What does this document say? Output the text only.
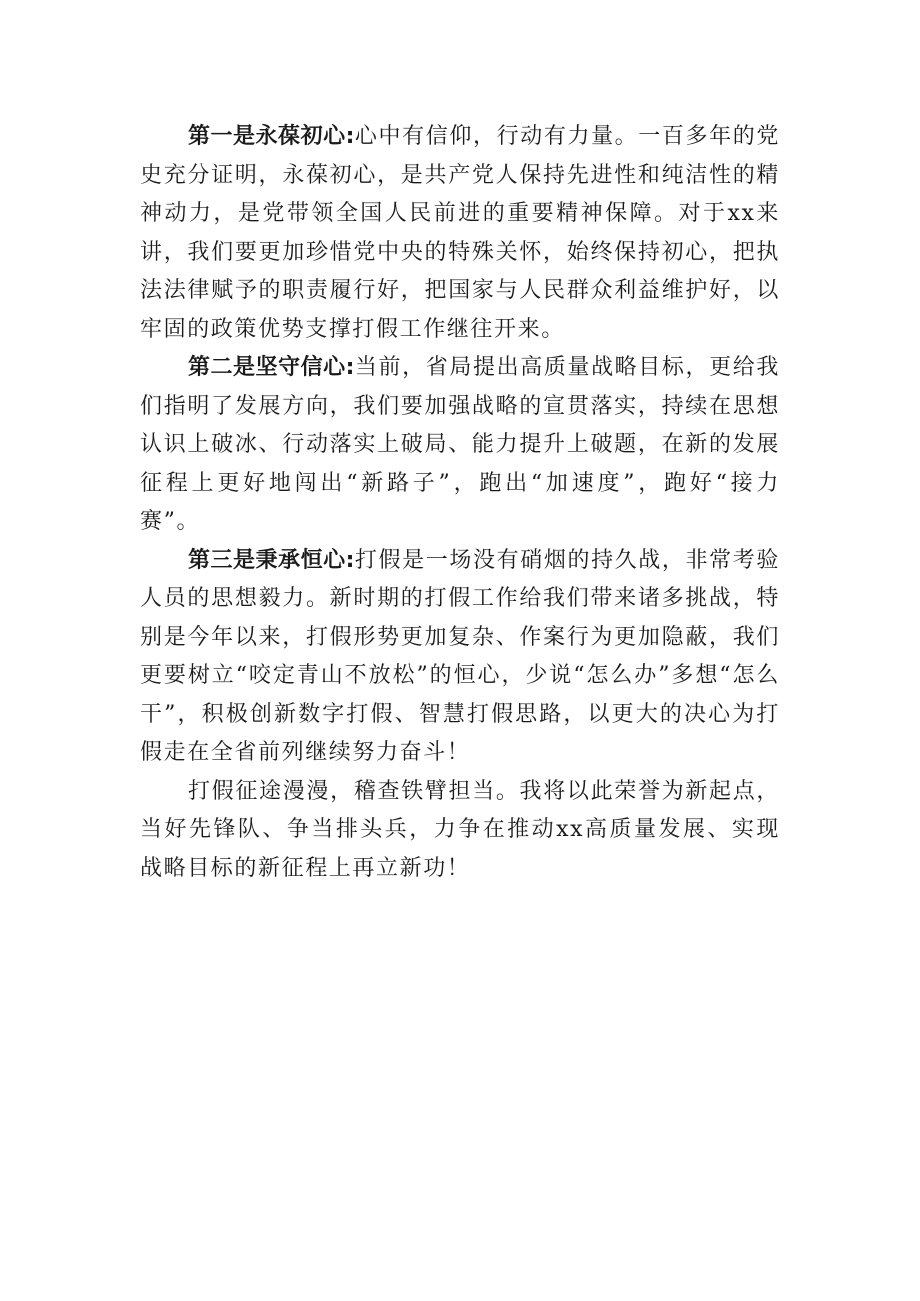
第一是永葆初心:心中有信仰，行动有力量。一百多年的党史充分证明，永葆初心，是共产党人保持先进性和纯洁性的精神动力，是党带领全国人民前进的重要精神保障。对于xx来讲，我们要更加珍惜党中央的特殊关怀，始终保持初心，把执法法律赋予的职责履行好，把国家与人民群众利益维护好，以牢固的政策优势支撑打假工作继往开来。

第二是坚守信心:当前，省局提出高质量战略目标，更给我们指明了发展方向，我们要加强战略的宣贯落实，持续在思想认识上破冰、行动落实上破局、能力提升上破题，在新的发展征程上更好地闯出“新路子”，跑出“加速度”，跑好“接力赛”。

第三是秉承恒心:打假是一场没有硝烟的持久战，非常考验人员的思想毅力。新时期的打假工作给我们带来诸多挑战，特别是今年以来，打假形势更加复杂、作案行为更加隐蔽，我们更要树立“咬定青山不放松”的恒心，少说“怎么办”多想“怎么干”，积极创新数字打假、智慧打假思路，以更大的决心为打假走在全省前列继续努力奋斗！

打假征途漫漫，稽查铁臂担当。我将以此荣誉为新起点，当好先锋队、争当排头兵，力争在推动xx高质量发展、实现战略目标的新征程上再立新功！
